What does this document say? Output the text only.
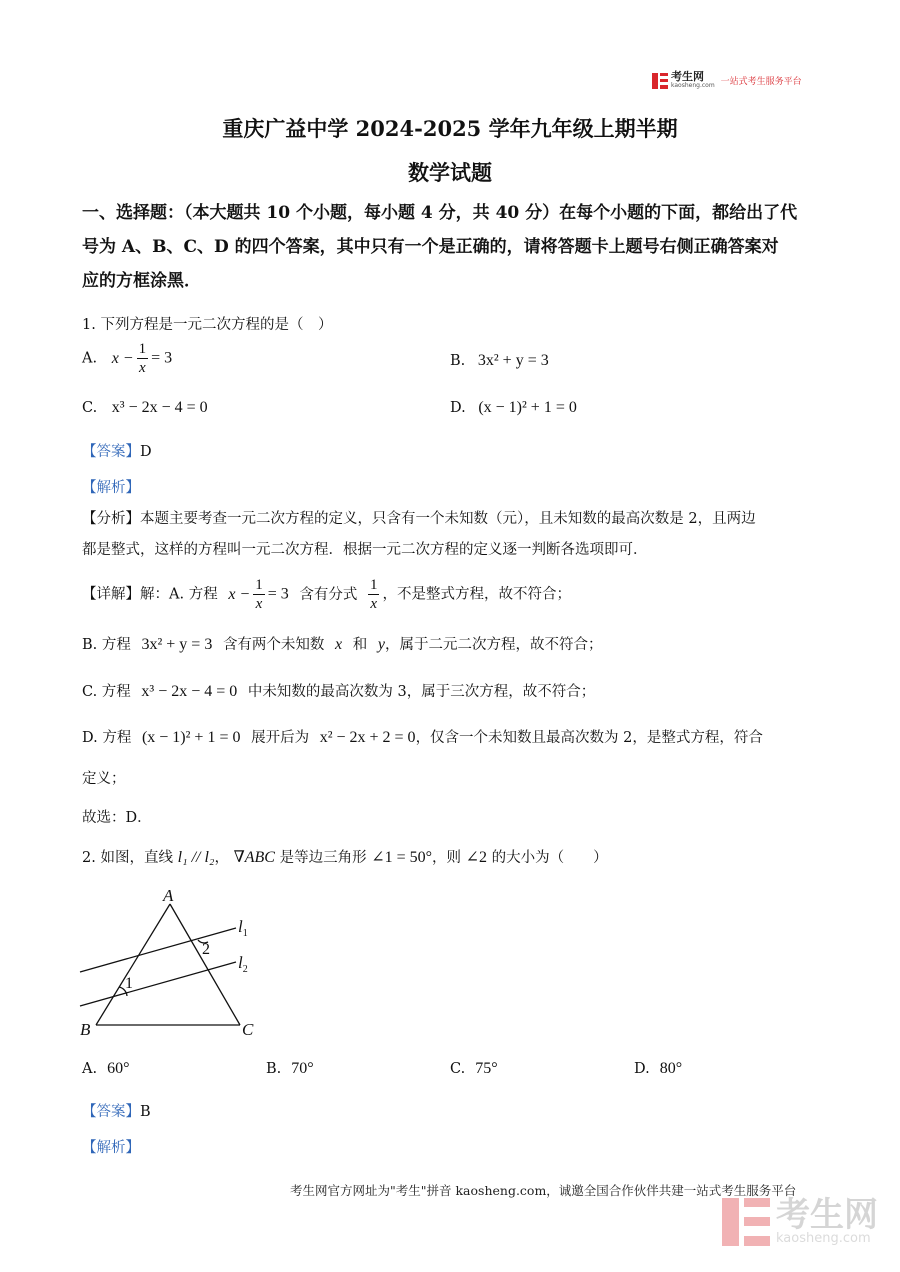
考生网
kaosheng.com 一站式考生服务平台
重庆广益中学 2024-2025 学年九年级上期半期
数学试题
一、选择题：（本大题共 10 个小题，每小题 4 分，共 40 分）在每个小题的下面，都给出了代
号为 A、B、C、D 的四个答案，其中只有一个是正确的，请将答题卡上题号右侧正确答案对
应的方框涂黑．
1. 下列方程是一元二次方程的是（　）
A. $x - \frac{1}{x} = 3$	B. 3x² + y = 3
C. x³ − 2x − 4 = 0	D. (x − 1)² + 1 = 0
【答案】D
【解析】
【分析】本题主要考查一元二次方程的定义，只含有一个未知数（元），且未知数的最高次数是 2，且两边
都是整式，这样的方程叫一元二次方程．根据一元二次方程的定义逐一判断各选项即可．
【详解】解：A. 方程 $x - \frac{1}{x} = 3$ 含有分式 $\frac{1}{x}$ ，不是整式方程，故不符合；
B. 方程 3x² + y = 3 含有两个未知数 x 和 y，属于二元二次方程，故不符合；
C. 方程 x³ − 2x − 4 = 0 中未知数的最高次数为 3，属于三次方程，故不符合；
D. 方程 (x − 1)² + 1 = 0 展开后为 x² − 2x + 2 = 0，仅含一个未知数且最高次数为 2，是整式方程，符合
定义；
故选：D．
2. 如图，直线 l₁ // l₂， ∇ABC 是等边三角形 ∠1 = 50°，则 ∠2 的大小为（　　）
A
B	C
$l_1$
$l_2$
1
2
A. 60°	B. 70°	C. 75°	D. 80°
【答案】B
【解析】
考生网官方网址为"考生"拼音 kaosheng.com，诚邀全国合作伙伴共建一站式考生服务平台
考生网
kaosheng.com
